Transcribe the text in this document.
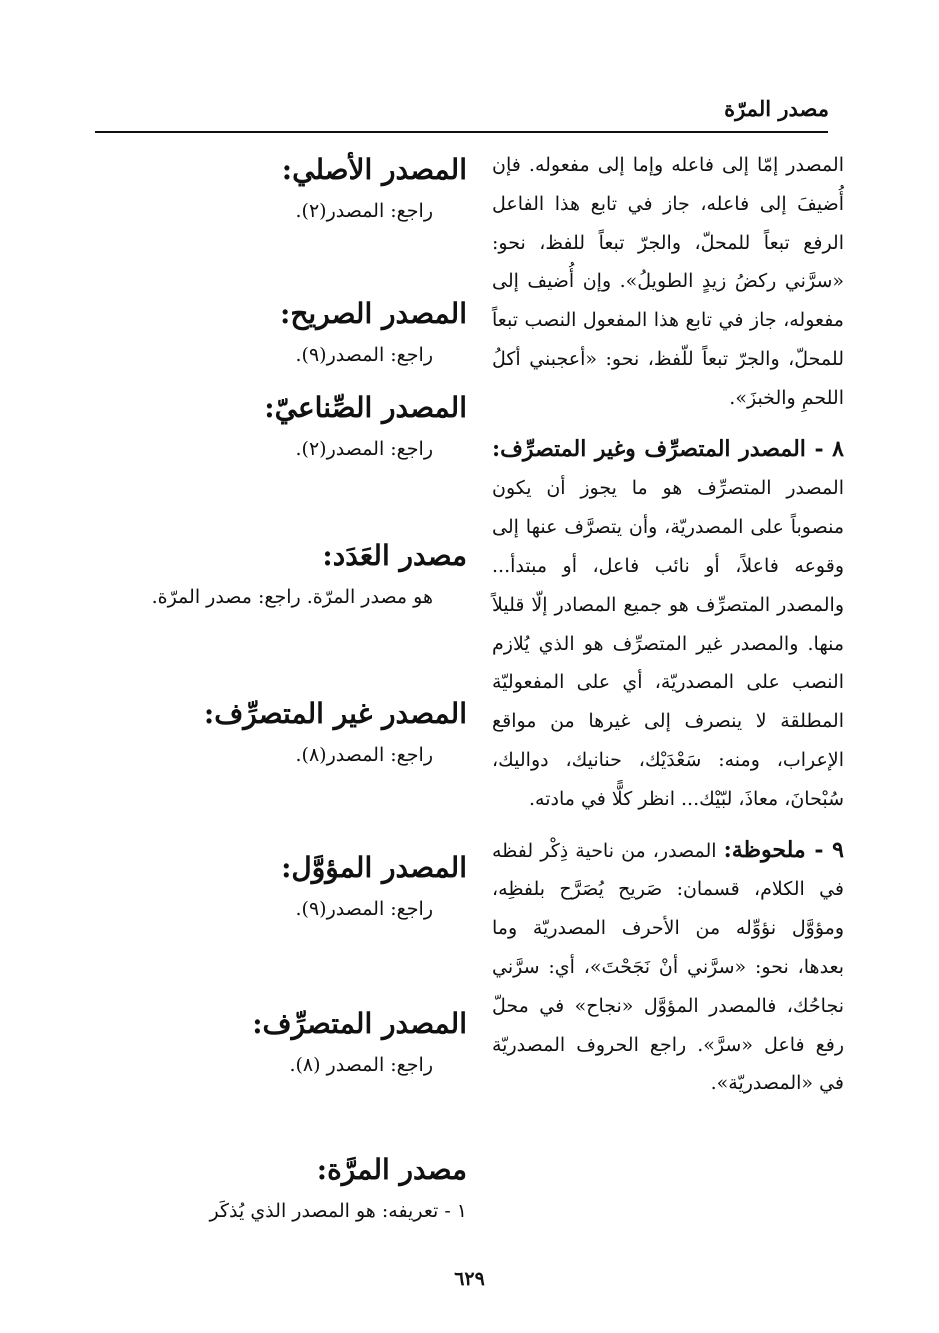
مصدر المرّة

المصدر إمّا إلى فاعله وإما إلى مفعوله. فإن أُضيفَ إلى فاعله، جاز في تابع هذا الفاعل الرفع تبعاً للمحلّ، والجرّ تبعاً للفظ، نحو: «سرَّني ركضُ زيدٍ الطويلُ». وإن أُضيف إلى مفعوله، جاز في تابع هذا المفعول النصب تبعاً للمحلّ، والجرّ تبعاً للّفظ، نحو: «أعجبني أكلُ اللحمِ والخبزَ».

٨ - المصدر المتصرِّف وغير المتصرِّف: المصدر المتصرِّف هو ما يجوز أن يكون منصوباً على المصدريّة، وأن يتصرَّف عنها إلى وقوعه فاعلاً، أو نائب فاعل، أو مبتدأ... والمصدر المتصرِّف هو جميع المصادر إلّا قليلاً منها. والمصدر غير المتصرِّف هو الذي يُلازم النصب على المصدريّة، أي على المفعوليّة المطلقة لا ينصرف إلى غيرها من مواقع الإعراب، ومنه: سَعْدَيْك، حنانيك، دواليك، سُبْحانَ، معاذَ، لبّيْك... انظر كلًّا في مادته.

٩ - ملحوظة: المصدر، من ناحية ذِكْر لفظه في الكلام، قسمان: صَريح يُصَرَّح بلفظِه، ومؤوَّل نؤوِّله من الأحرف المصدريّة وما بعدها، نحو: «سرَّني أنْ نَجَحْتَ»، أي: سرَّني نجاحُك، فالمصدر المؤوَّل «نجاح» في محلّ رفع فاعل «سرَّ». راجع الحروف المصدريّة في «المصدريّة».

المصدر الأصلي:
راجع: المصدر(٢).
المصدر الصريح:
راجع: المصدر(٩).
المصدر الصِّناعيّ:
راجع: المصدر(٢).
مصدر العَدَد:
هو مصدر المرّة. راجع: مصدر المرّة.
المصدر غير المتصرِّف:
راجع: المصدر(٨).
المصدر المؤوَّل:
راجع: المصدر(٩).
المصدر المتصرِّف:
راجع: المصدر (٨).
مصدر المرَّة:
١ - تعريفه: هو المصدر الذي يُذكَر
٦٢٩
